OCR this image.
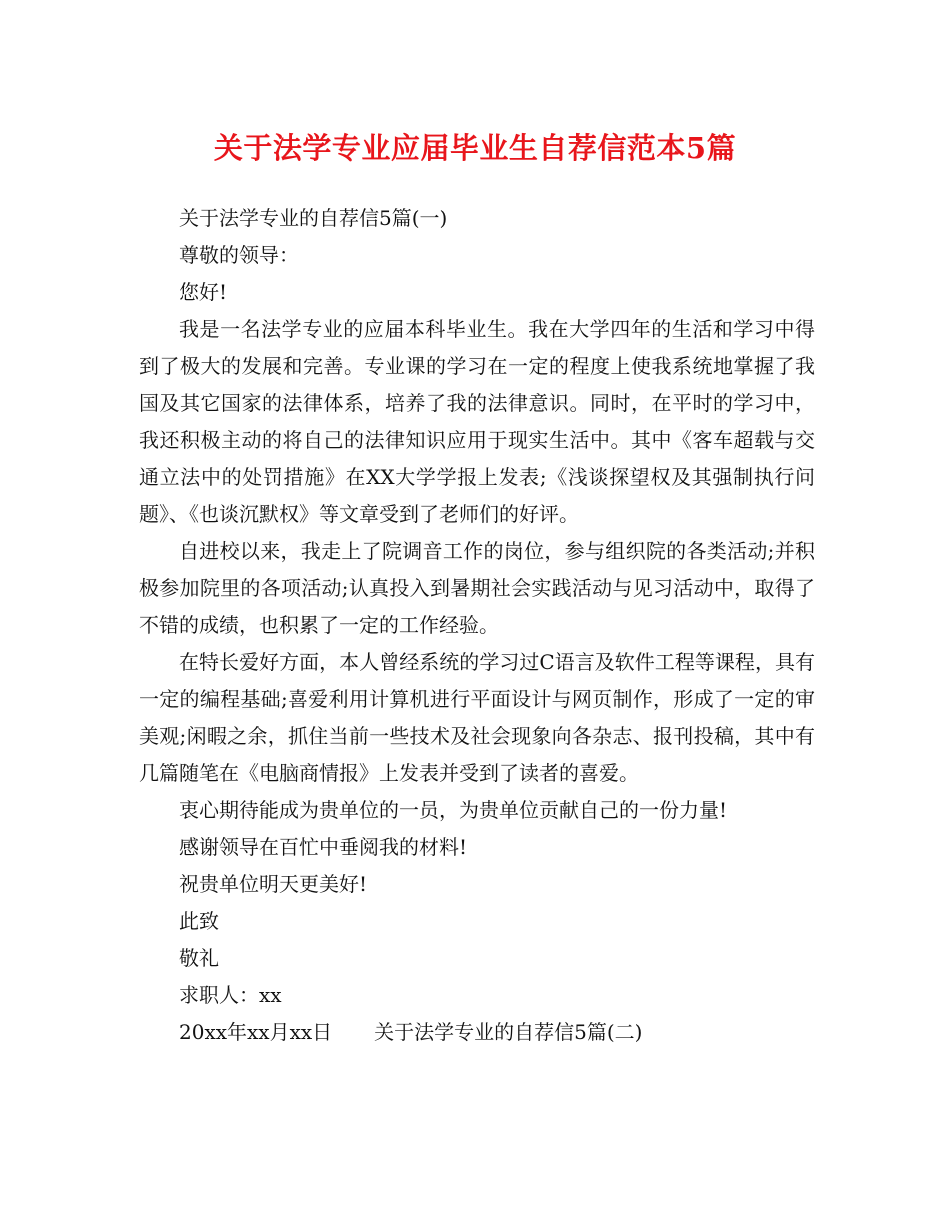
关于法学专业应届毕业生自荐信范本5篇

关于法学专业的自荐信5篇(一)

尊敬的领导：

您好!

我是一名法学专业的应届本科毕业生。我在大学四年的生活和学习中得到了极大的发展和完善。专业课的学习在一定的程度上使我系统地掌握了我国及其它国家的法律体系，培养了我的法律意识。同时，在平时的学习中，我还积极主动的将自己的法律知识应用于现实生活中。其中《客车超载与交通立法中的处罚措施》在XX大学学报上发表;《浅谈探望权及其强制执行问题》、《也谈沉默权》等文章受到了老师们的好评。

自进校以来，我走上了院调音工作的岗位，参与组织院的各类活动;并积极参加院里的各项活动;认真投入到暑期社会实践活动与见习活动中，取得了不错的成绩，也积累了一定的工作经验。

在特长爱好方面，本人曾经系统的学习过C语言及软件工程等课程，具有一定的编程基础;喜爱利用计算机进行平面设计与网页制作，形成了一定的审美观;闲暇之余，抓住当前一些技术及社会现象向各杂志、报刊投稿，其中有几篇随笔在《电脑商情报》上发表并受到了读者的喜爱。

衷心期待能成为贵单位的一员，为贵单位贡献自己的一份力量!

感谢领导在百忙中垂阅我的材料!

祝贵单位明天更美好!

此致

敬礼

求职人：xx

20xx年xx月xx日 关于法学专业的自荐信5篇(二)
